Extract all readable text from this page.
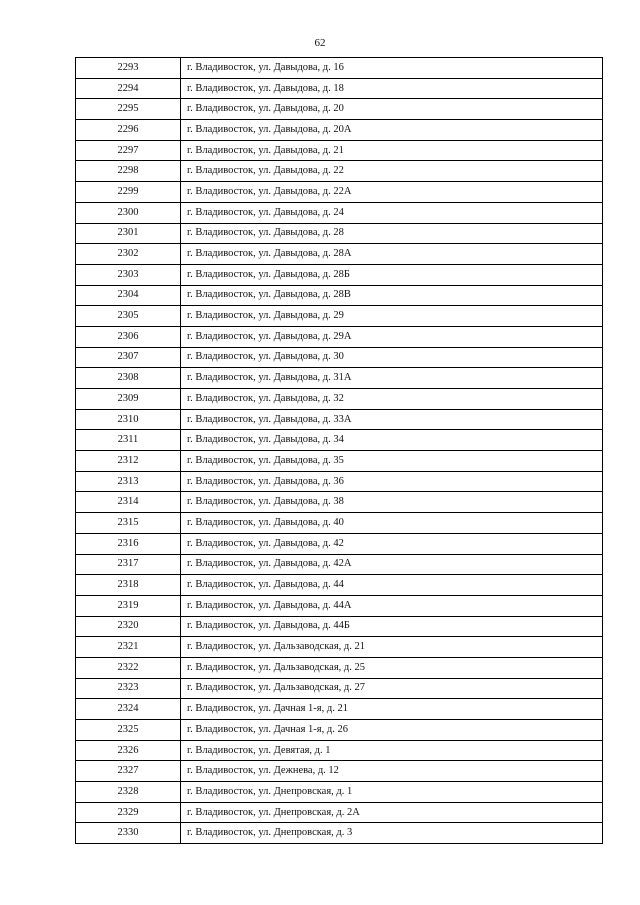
62
2293	г. Владивосток, ул. Давыдова, д. 16
2294	г. Владивосток, ул. Давыдова, д. 18
2295	г. Владивосток, ул. Давыдова, д. 20
2296	г. Владивосток, ул. Давыдова, д. 20А
2297	г. Владивосток, ул. Давыдова, д. 21
2298	г. Владивосток, ул. Давыдова, д. 22
2299	г. Владивосток, ул. Давыдова, д. 22А
2300	г. Владивосток, ул. Давыдова, д. 24
2301	г. Владивосток, ул. Давыдова, д. 28
2302	г. Владивосток, ул. Давыдова, д. 28А
2303	г. Владивосток, ул. Давыдова, д. 28Б
2304	г. Владивосток, ул. Давыдова, д. 28В
2305	г. Владивосток, ул. Давыдова, д. 29
2306	г. Владивосток, ул. Давыдова, д. 29А
2307	г. Владивосток, ул. Давыдова, д. 30
2308	г. Владивосток, ул. Давыдова, д. 31А
2309	г. Владивосток, ул. Давыдова, д. 32
2310	г. Владивосток, ул. Давыдова, д. 33А
2311	г. Владивосток, ул. Давыдова, д. 34
2312	г. Владивосток, ул. Давыдова, д. 35
2313	г. Владивосток, ул. Давыдова, д. 36
2314	г. Владивосток, ул. Давыдова, д. 38
2315	г. Владивосток, ул. Давыдова, д. 40
2316	г. Владивосток, ул. Давыдова, д. 42
2317	г. Владивосток, ул. Давыдова, д. 42А
2318	г. Владивосток, ул. Давыдова, д. 44
2319	г. Владивосток, ул. Давыдова, д. 44А
2320	г. Владивосток, ул. Давыдова, д. 44Б
2321	г. Владивосток, ул. Дальзаводская, д. 21
2322	г. Владивосток, ул. Дальзаводская, д. 25
2323	г. Владивосток, ул. Дальзаводская, д. 27
2324	г. Владивосток, ул. Дачная 1-я, д. 21
2325	г. Владивосток, ул. Дачная 1-я, д. 26
2326	г. Владивосток, ул. Девятая, д. 1
2327	г. Владивосток, ул. Дежнева, д. 12
2328	г. Владивосток, ул. Днепровская, д. 1
2329	г. Владивосток, ул. Днепровская, д. 2А
2330	г. Владивосток, ул. Днепровская, д. 3
